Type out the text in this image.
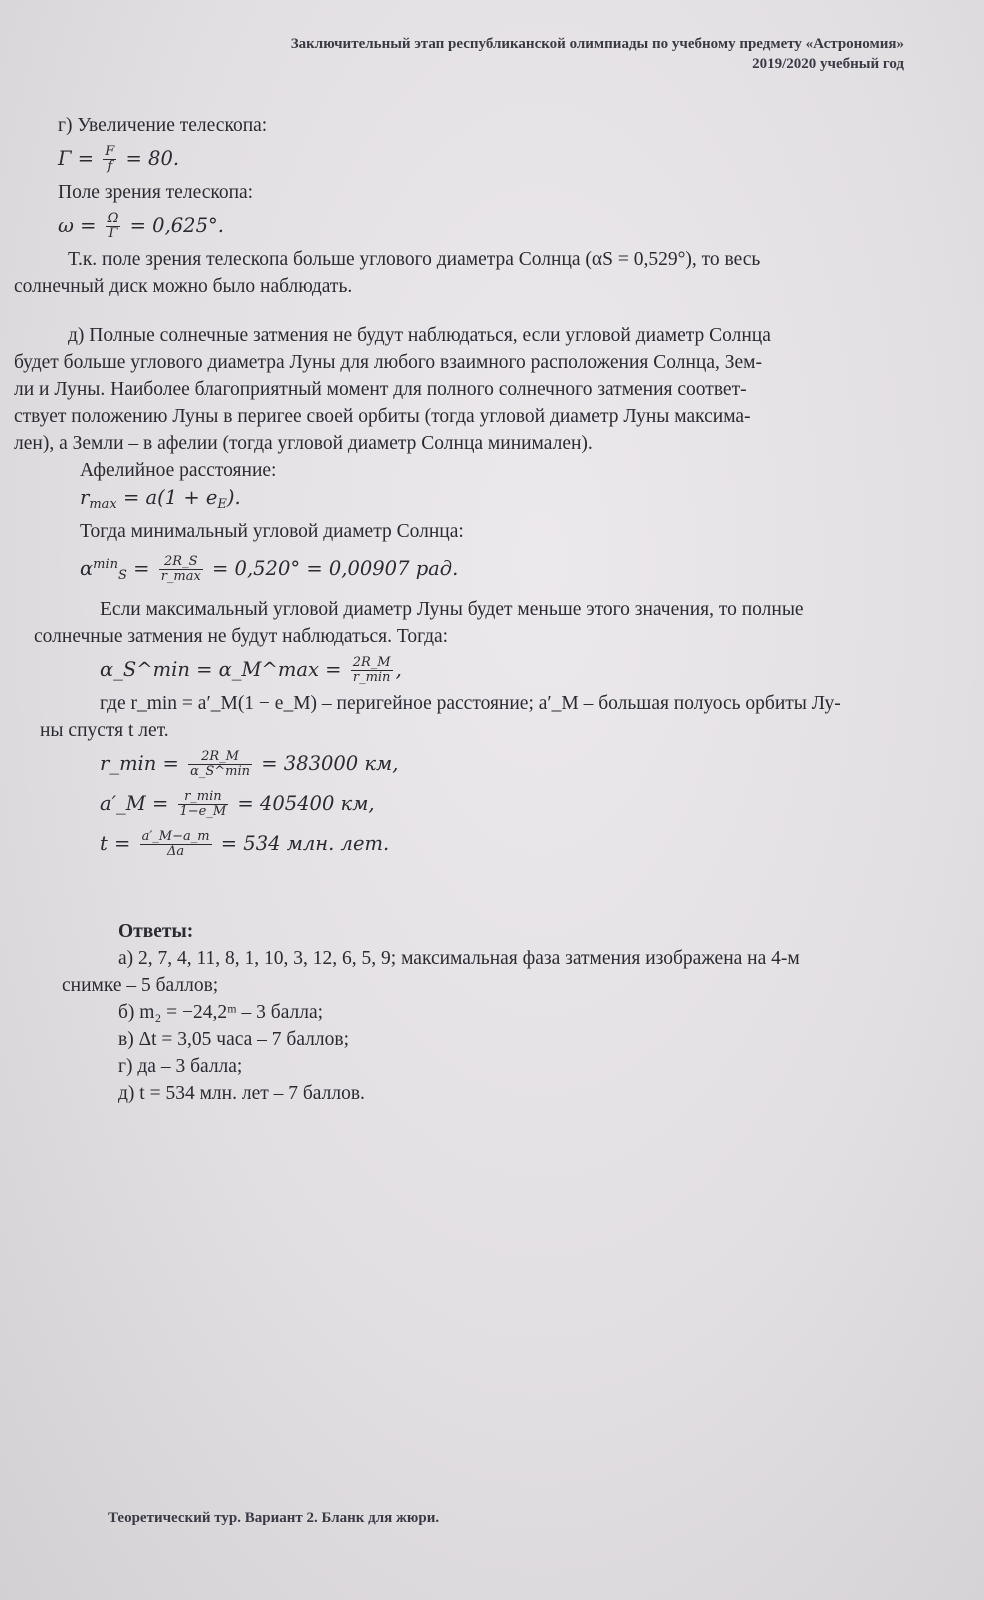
Заключительный этап республиканской олимпиады по учебному предмету «Астрономия»
2019/2020 учебный год
г) Увеличение телескопа:
$\Gamma = \frac{F}{f} = 80$.
Поле зрения телескопа:
$\omega = \frac{\Omega}{\Gamma} = 0,625^\circ$.
Т.к. поле зрения телескопа больше углового диаметра Солнца (αS = 0,529°), то весь
солнечный диск можно было наблюдать.
д) Полные солнечные затмения не будут наблюдаться, если угловой диаметр Солнца
будет больше углового диаметра Луны для любого взаимного расположения Солнца, Зем-
ли и Луны. Наиболее благоприятный момент для полного солнечного затмения соответ-
ствует положению Луны в перигее своей орбиты (тогда угловой диаметр Луны максима-
лен), а Земли – в афелии (тогда угловой диаметр Солнца минимален).
Афелийное расстояние:
$r_{max} = a(1 + e_E)$.
Тогда минимальный угловой диаметр Солнца:
$\alpha^{min}_S = \frac{2R\_S}{r\_\max} = 0,520^\circ = 0,00907$ рад.
Если максимальный угловой диаметр Луны будет меньше этого значения, то полные
солнечные затмения не будут наблюдаться. Тогда:
α_S^min = α_M^max = $\frac{2R\_M}{r\_\min}$ ,
где r_min = a′_M(1 − e_M) – перигейное расстояние; a′_M – большая полуось орбиты Лу-
ны спустя t лет.
r_min = $\frac{2R\_M}{\alpha\_S\^{}\min} = 383000$ км,
a′_M = $\frac{r\_\min}{1-e\_M} = 405400$ км,
$t = \frac{a'\_M-a\_m}{\Delta a} = 534$ млн. лет.
Ответы:
а) 2, 7, 4, 11, 8, 1, 10, 3, 12, 6, 5, 9; максимальная фаза затмения изображена на 4-м
снимке – 5 баллов;
б) m₂ = −24,2ᵐ – 3 балла;
в) Δt = 3,05 часа – 7 баллов;
г) да – 3 балла;
д) t = 534 млн. лет – 7 баллов.
Теоретический тур. Вариант 2. Бланк для жюри.
